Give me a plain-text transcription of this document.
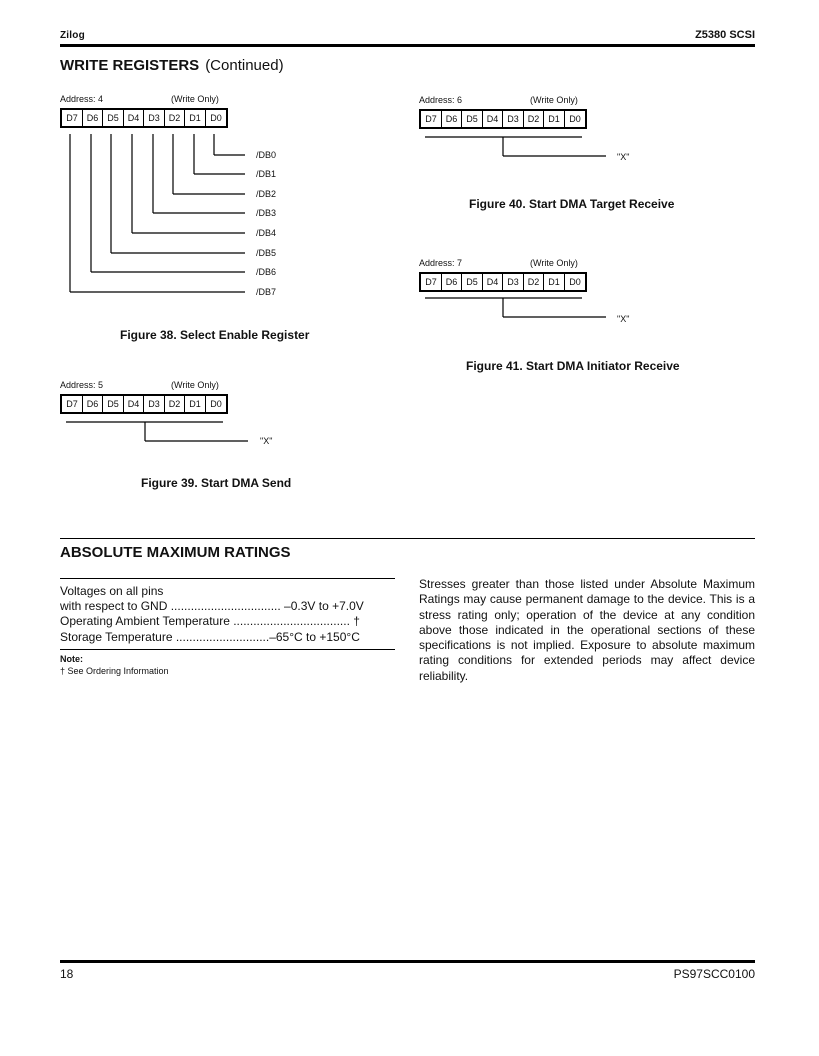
Zilog	Z5380 SCSI
WRITE REGISTERS (Continued)
Address: 4	(Write Only)
D7 D6 D5 D4 D3 D2 D1	D0
/DB0
/DB1
/DB2
/DB3
/DB4
/DB5
/DB6
/DB7
Figure 38. Select Enable Register
Address: 5	(Write Only)
D7 D6 D5 D4 D3 D2 D1	D0
"X"
Figure 39. Start DMA Send
Address: 6	(Write Only)
D7 D6 D5 D4 D3 D2 D1	D0
"X"
Figure 40. Start DMA Target Receive
Address: 7	(Write Only)
D7 D6 D5 D4 D3 D2 D1	D0
"X"
Figure 41. Start DMA Initiator Receive
ABSOLUTE MAXIMUM RATINGS
Voltages on all pins
with respect to GND ................................. –0.3V to +7.0V
Operating Ambient Temperature ................................... †
Storage Temperature ............................–65°C to +150°C
Note:
† See Ordering Information
Stresses greater than those listed under Absolute Maximum Ratings may cause permanent damage to the device. This is a stress rating only; operation of the device at any condition above those indicated in the operational sections of these specifications is not implied. Exposure to absolute maximum rating conditions for extended periods may affect device reliability.
18	PS97SCC0100
